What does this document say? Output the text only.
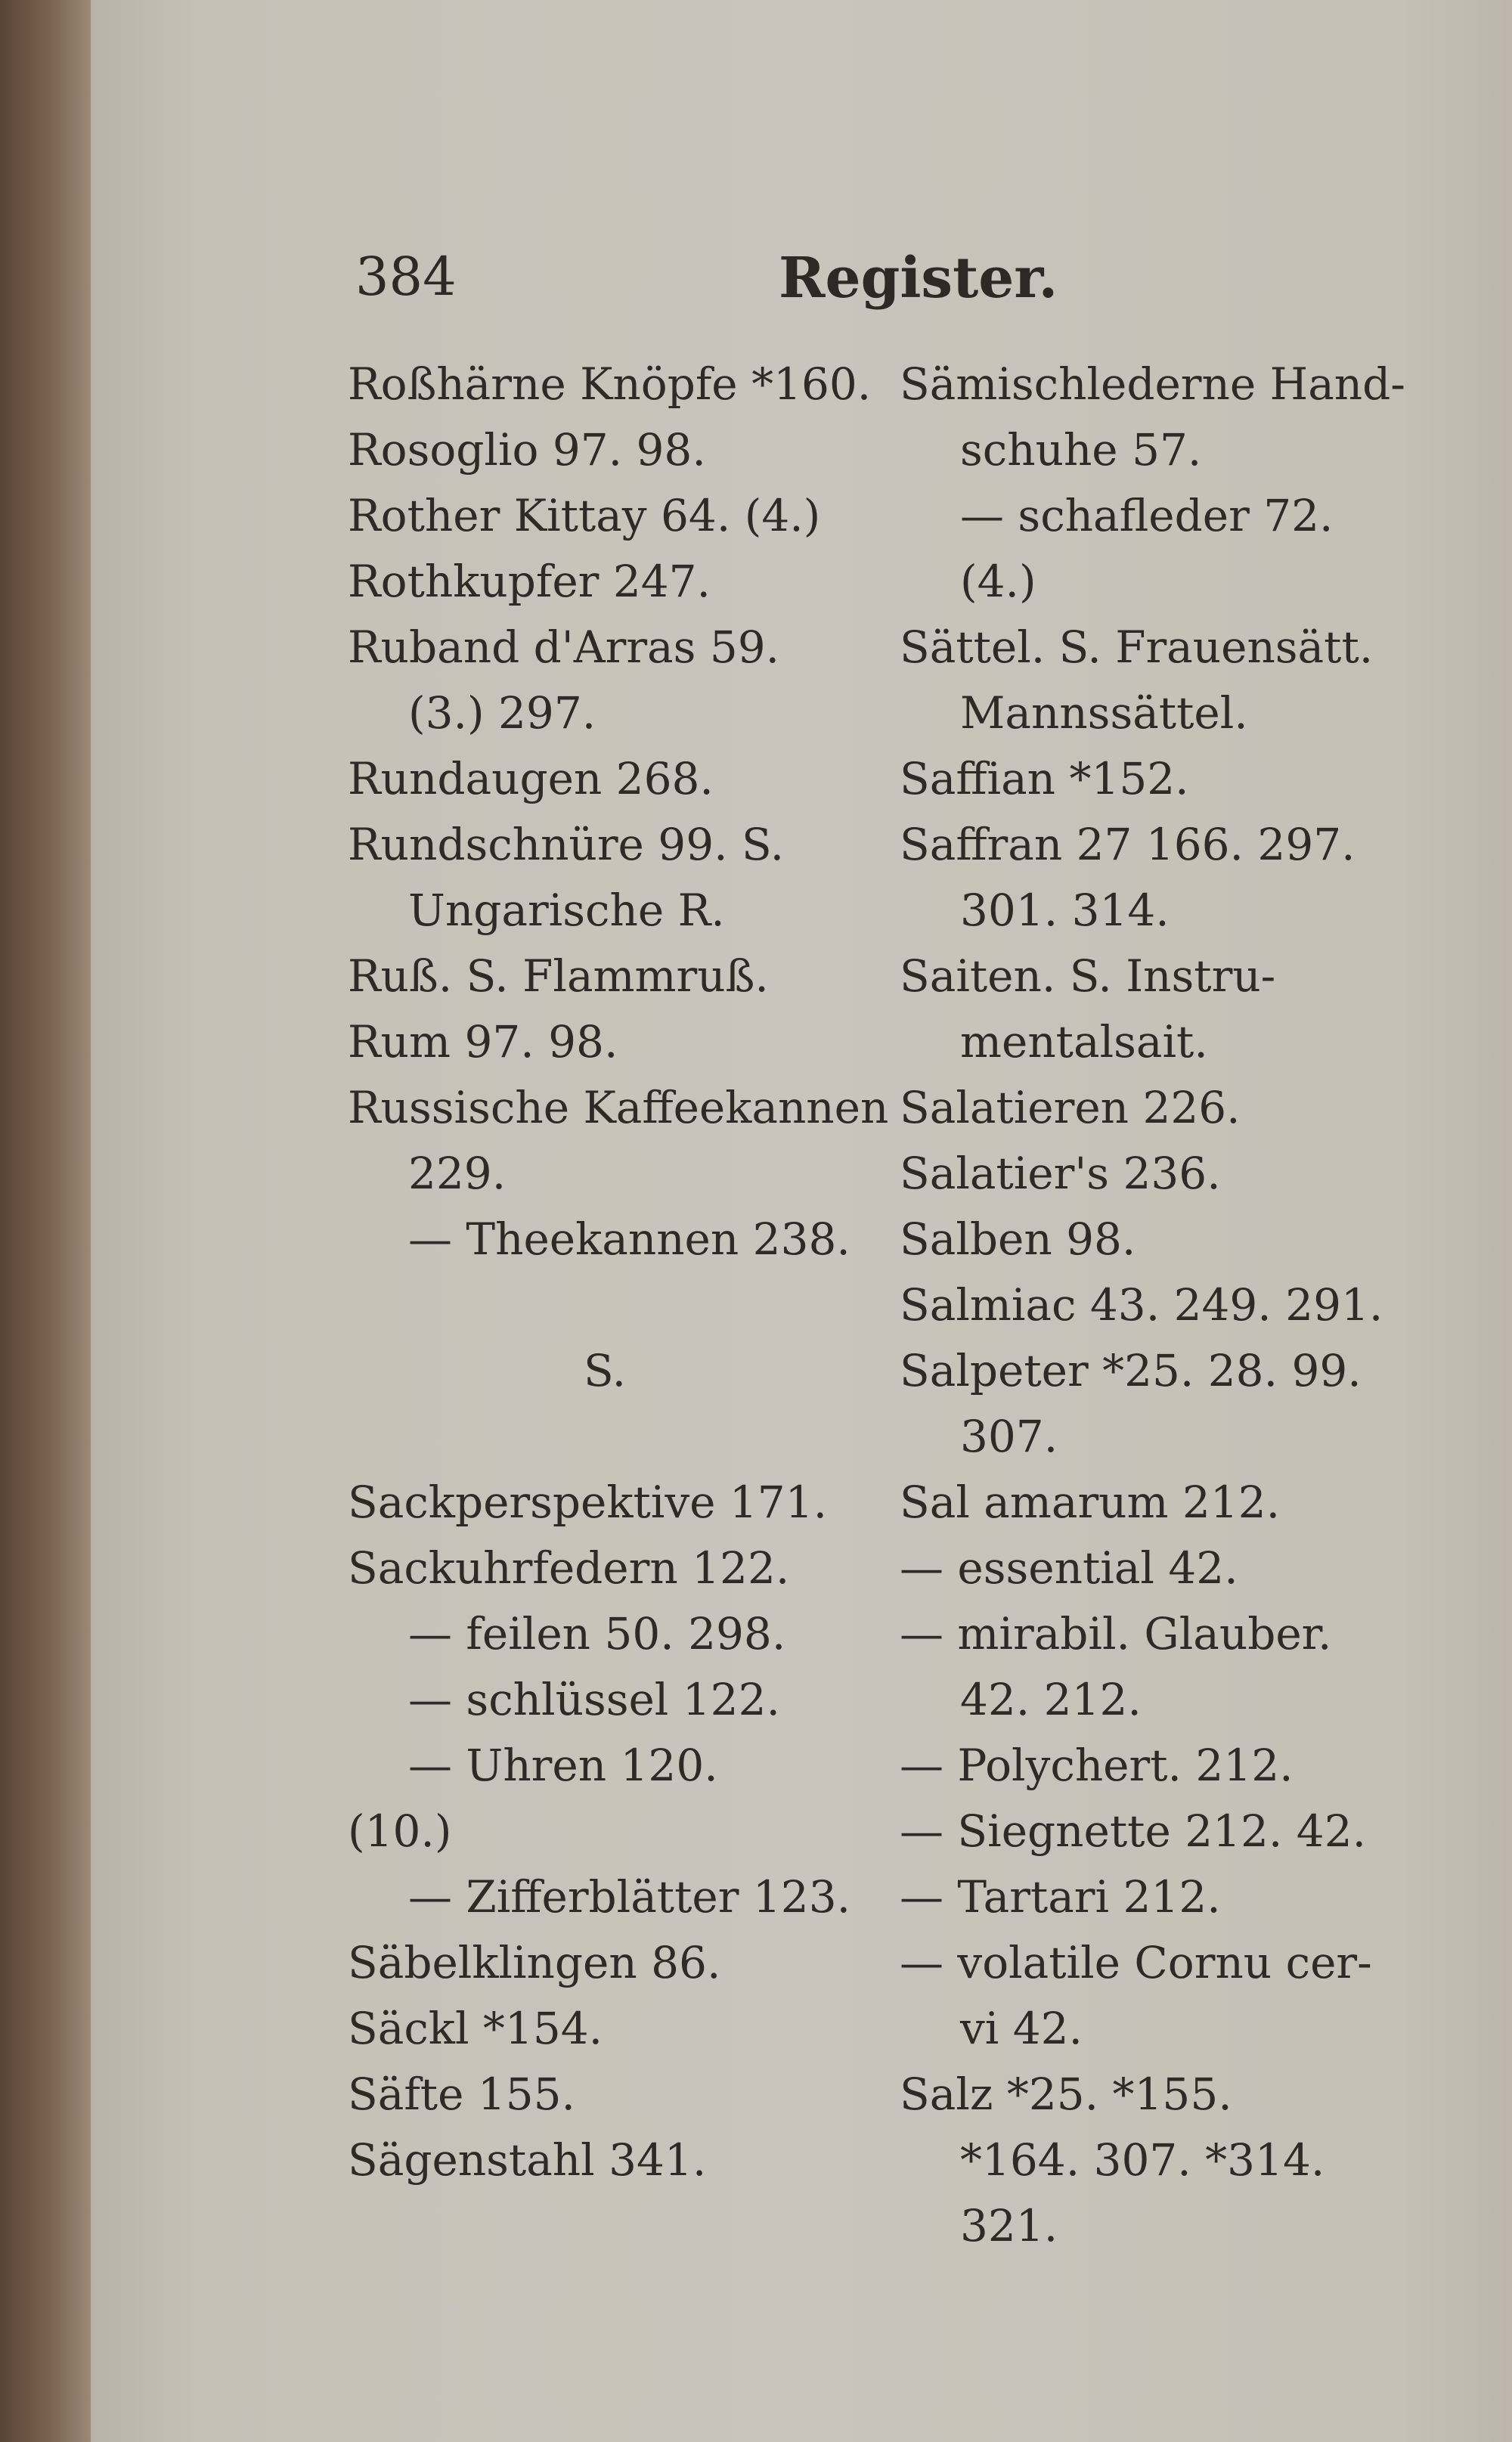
384	Register.
Roßhärne Knöpfe *160.
Rosoglio 97. 98.
Rother Kittay 64. (4.)
Rothkupfer 247.
Ruband d'Arras 59.
(3.) 297.
Rundaugen 268.
Rundschnüre 99. S.
Ungarische R.
Ruß. S. Flammruß.
Rum 97. 98.
Russische Kaffeekannen
229.
— Theekannen 238.
S.
Sackperspektive 171.
Sackuhrfedern 122.
— feilen 50. 298.
— schlüssel 122.
— Uhren 120.
(10.)
— Zifferblätter 123.
Säbelklingen 86.
Säckl *154.
Säfte 155.
Sägenstahl 341.
Sämischlederne Hand-
schuhe 57.
— schafleder 72.
(4.)
Sättel. S. Frauensätt.
Mannssättel.
Saffian *152.
Saffran 27 166. 297.
301. 314.
Saiten. S. Instru-
mentalsait.
Salatieren 226.
Salatier's 236.
Salben 98.
Salmiac 43. 249. 291.
Salpeter *25. 28. 99.
307.
Sal amarum 212.
— essential 42.
— mirabil. Glauber.
42. 212.
— Polychert. 212.
— Siegnette 212. 42.
— Tartari 212.
— volatile Cornu cer-
vi 42.
Salz *25. *155.
*164. 307. *314.
321.
